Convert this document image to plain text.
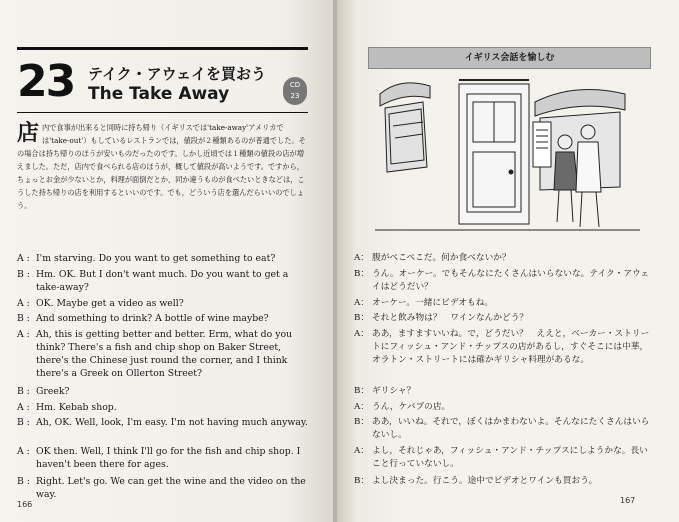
23 テイク・アウェイを買おう
The Take Away	CD
23
店 内で食事が出来ると同時に持ち帰り（イギリスでは'take-away'アメリカでは'take-out'）もしているレストランでは，値段が２種類あるのが普通でした。その場合は持ち帰りのほうが安いものだったのです。しかし近頃では１種類の値段の店が増えました。ただ，店内で食べられる店のほうが，概して値段が高いようです。ですから，ちょっとお金が少ないとか，料理が面倒だとか，同か違うものが食べたいときなどは，こうした持ち帰りの店を利用するといいのです。でも，どういう店を選んだらいいのでしょう。
A : I'm starving. Do you want to get something to eat?
B : Hm. OK. But I don't want much. Do you want to get a take-away?
A : OK. Maybe get a video as well?
B : And something to drink? A bottle of wine maybe?
A : Ah, this is getting better and better. Erm, what do you think? There's a fish and chip shop on Baker Street, there's the Chinese just round the corner, and I think there's a Greek on Ollerton Street?
B : Greek?
A : Hm. Kebab shop.
B : Ah, OK. Well, look, I'm easy. I'm not having much anyway.
A : OK then. Well, I think I'll go for the fish and chip shop. I haven't been there for ages.
B : Right. Let's go. We can get the wine and the video on the way.
166
イギリス会話を愉しむ
A： 腹がぺこぺこだ。何か食べないか？
B： うん。オーケー。でもそんなにたくさんはいらないな。テイク・アウェイはどうだい？
A： オーケー。一緒にビデオもね。
B： それと飲み物は？　ワインなんかどう？
A： ああ，ますますいいね。で，どうだい？　ええと，ベーカー・ストリートにフィッシュ・アンド・チップスの店があるし，すぐそこには中華，オラトン・ストリートには確かギリシャ料理があるな。
B： ギリシャ？
A： うん，ケバブの店。
B： ああ，いいね。それで，ぼくはかまわないよ。そんなにたくさんはいらないし。
A： よし，それじゃあ，フィッシュ・アンド・チップスにしようかな。長いこと行っていないし。
B： よし決まった。行こう。途中でビデオとワインも買おう。
167
